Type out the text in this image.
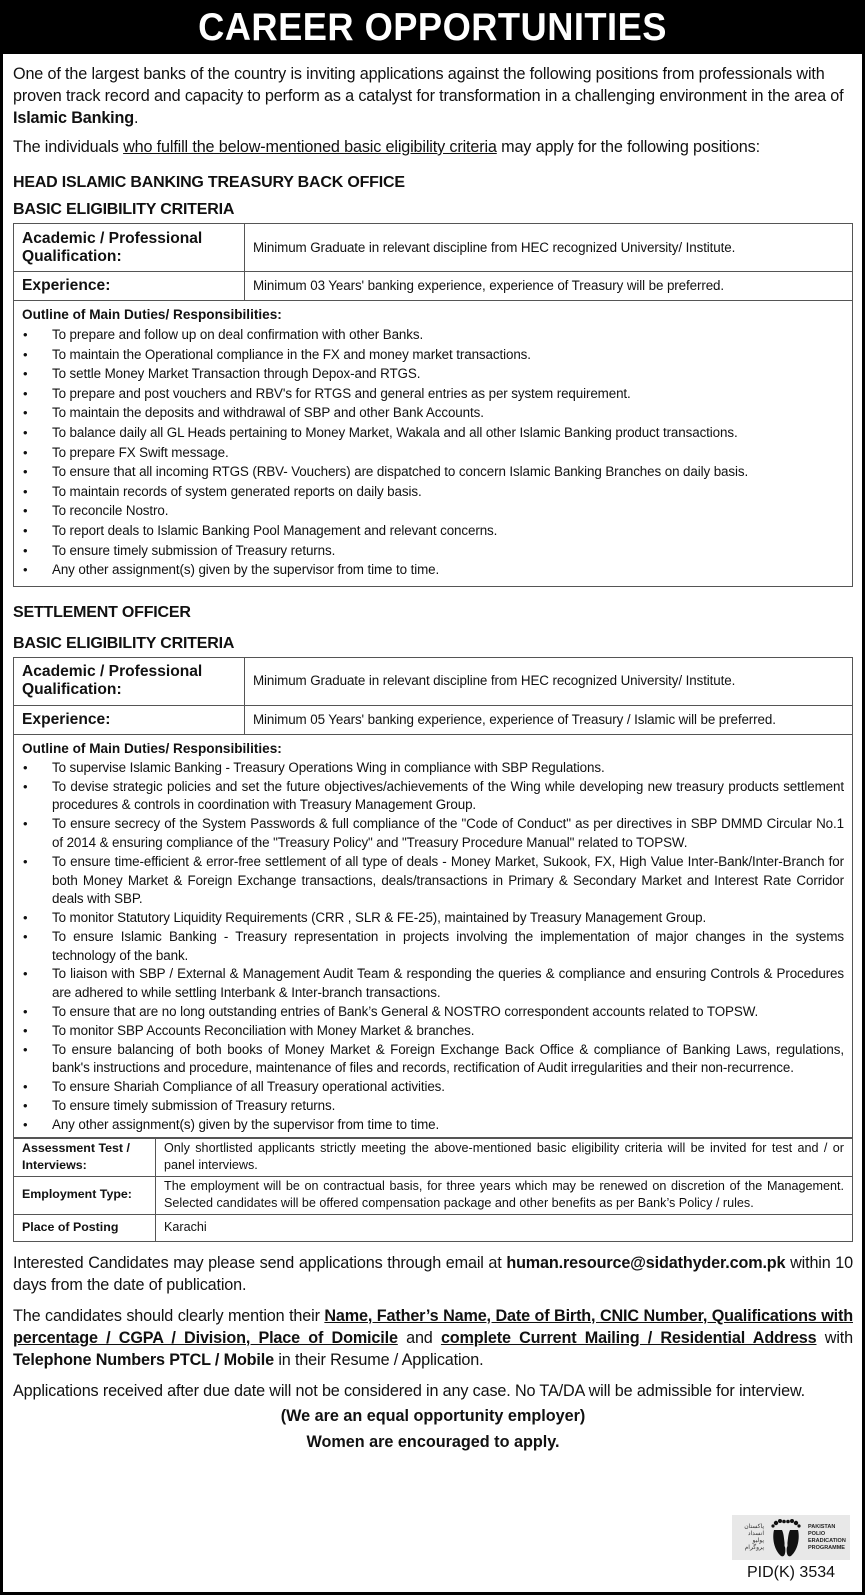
CAREER OPPORTUNITIES

One of the largest banks of the country is inviting applications against the following positions from professionals with proven track record and capacity to perform as a catalyst for transformation in a challenging environment in the area of Islamic Banking.

The individuals who fulfill the below-mentioned basic eligibility criteria may apply for the following positions:

HEAD ISLAMIC BANKING TREASURY BACK OFFICE
BASIC ELIGIBILITY CRITERIA
Academic / Professional Qualification:	Minimum Graduate in relevant discipline from HEC recognized University/ Institute.
Experience:	Minimum 03 Years' banking experience, experience of Treasury will be preferred.

Outline of Main Duties/ Responsibilities:
• To prepare and follow up on deal confirmation with other Banks.
• To maintain the Operational compliance in the FX and money market transactions.
• To settle Money Market Transaction through Depox-and RTGS.
• To prepare and post vouchers and RBV's for RTGS and general entries as per system requirement.
• To maintain the deposits and withdrawal of SBP and other Bank Accounts.
• To balance daily all GL Heads pertaining to Money Market, Wakala and all other Islamic Banking product transactions.
• To prepare FX Swift message.
• To ensure that all incoming RTGS (RBV- Vouchers) are dispatched to concern Islamic Banking Branches on daily basis.
• To maintain records of system generated reports on daily basis.
• To reconcile Nostro.
• To report deals to Islamic Banking Pool Management and relevant concerns.
• To ensure timely submission of Treasury returns.
• Any other assignment(s) given by the supervisor from time to time.
SETTLEMENT OFFICER
BASIC ELIGIBILITY CRITERIA
Academic / Professional Qualification:	Minimum Graduate in relevant discipline from HEC recognized University/ Institute.
Experience:	Minimum 05 Years' banking experience, experience of Treasury / Islamic will be preferred.

Outline of Main Duties/ Responsibilities:
• To supervise Islamic Banking - Treasury Operations Wing in compliance with SBP Regulations.
• To devise strategic policies and set the future objectives/achievements of the Wing while developing new treasury products settlement procedures & controls in coordination with Treasury Management Group.
• To ensure secrecy of the System Passwords & full compliance of the "Code of Conduct" as per directives in SBP DMMD Circular No.1 of 2014 & ensuring compliance of the "Treasury Policy" and "Treasury Procedure Manual" related to TOPSW.
• To ensure time-efficient & error-free settlement of all type of deals - Money Market, Sukook, FX, High Value Inter-Bank/Inter-Branch for both Money Market & Foreign Exchange transactions, deals/transactions in Primary & Secondary Market and Interest Rate Corridor deals with SBP.
• To monitor Statutory Liquidity Requirements (CRR , SLR & FE-25), maintained by Treasury Management Group.
• To ensure Islamic Banking - Treasury representation in projects involving the implementation of major changes in the systems technology of the bank.
• To liaison with SBP / External & Management Audit Team & responding the queries & compliance and ensuring Controls & Procedures are adhered to while settling Interbank & Inter-branch transactions.
• To ensure that are no long outstanding entries of Bank’s General & NOSTRO correspondent accounts related to TOPSW.
• To monitor SBP Accounts Reconciliation with Money Market & branches.
• To ensure balancing of both books of Money Market & Foreign Exchange Back Office & compliance of Banking Laws, regulations, bank's instructions and procedure, maintenance of files and records, rectification of Audit irregularities and their non-recurrence.
• To ensure Shariah Compliance of all Treasury operational activities.
• To ensure timely submission of Treasury returns.
• Any other assignment(s) given by the supervisor from time to time.
Assessment Test / Interviews:	Only shortlisted applicants strictly meeting the above-mentioned basic eligibility criteria will be invited for test and / or panel interviews.
Employment Type:	The employment will be on contractual basis, for three years which may be renewed on discretion of the Management. Selected candidates will be offered compensation package and other benefits as per Bank’s Policy / rules.
Place of Posting	Karachi

Interested Candidates may please send applications through email at human.resource@sidathyder.com.pk within 10 days from the date of publication.

The candidates should clearly mention their Name, Father’s Name, Date of Birth, CNIC Number, Qualifications with percentage / CGPA / Division, Place of Domicile and complete Current Mailing / Residential Address with Telephone Numbers PTCL / Mobile in their Resume / Application.

Applications received after due date will not be considered in any case. No TA/DA will be admissible for interview.

(We are an equal opportunity employer)
Women are encouraged to apply.
پاکستان
انسداد
پولیو
پروگرام
PAKISTAN
POLIO
ERADICATION
PROGRAMME
PID(K) 3534
